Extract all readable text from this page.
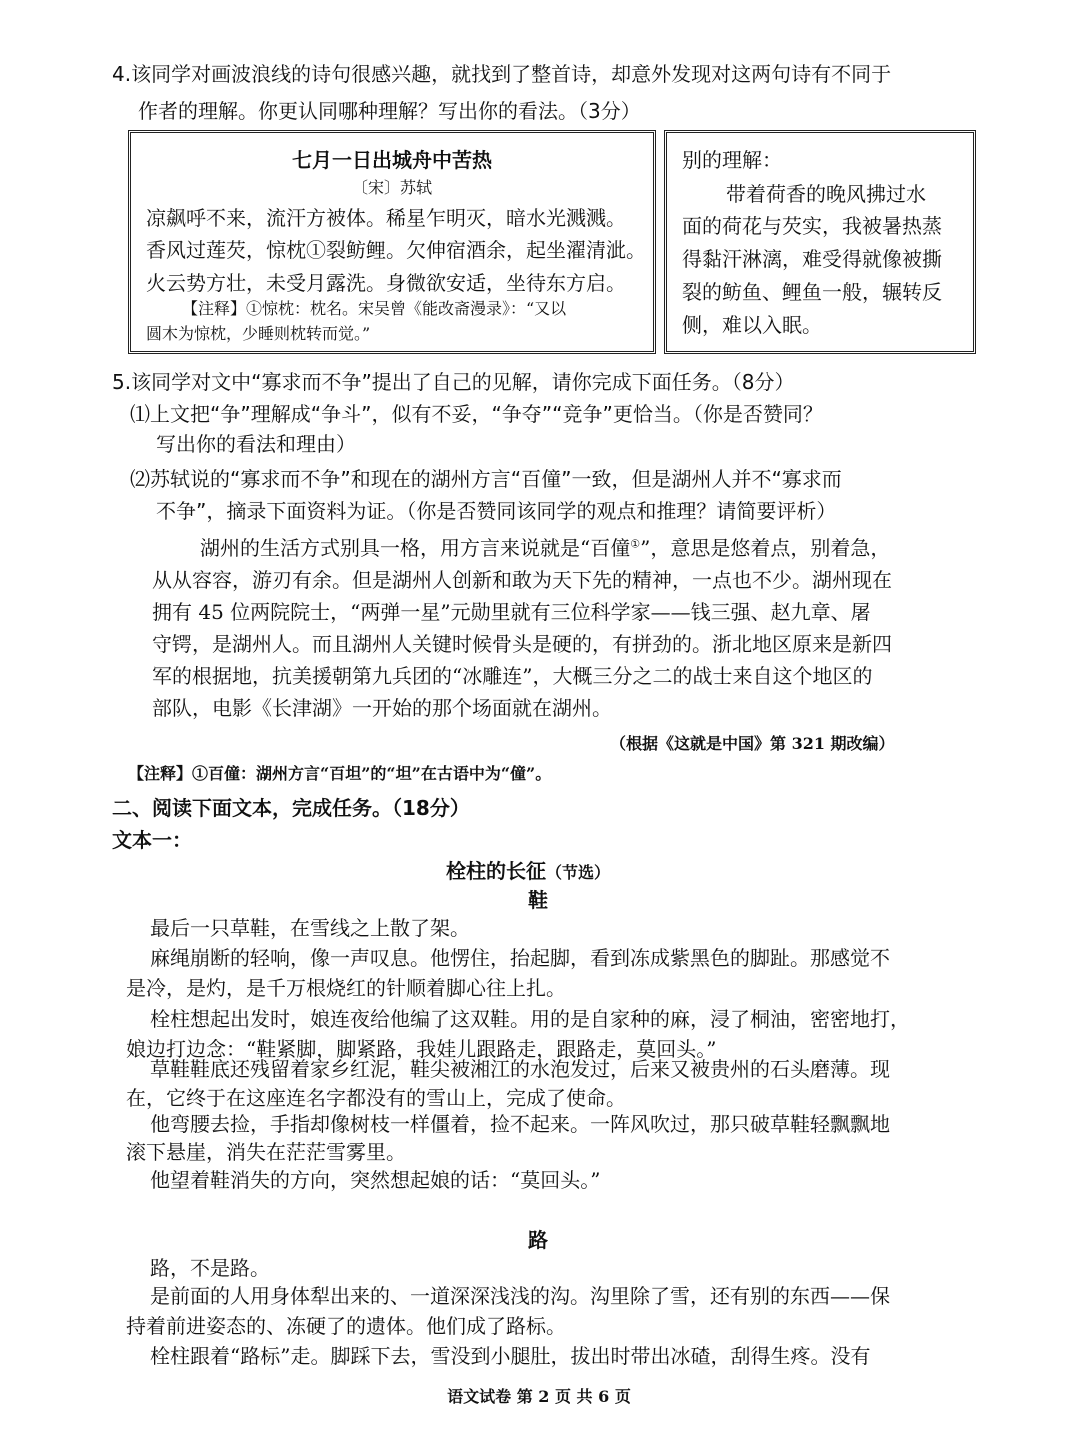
4.该同学对画波浪线的诗句很感兴趣，就找到了整首诗，却意外发现对这两句诗有不同于
作者的理解。你更认同哪种理解？写出你的看法。（3分）
七月一日出城舟中苦热
〔宋〕苏轼
凉飙呼不来，流汗方被体。稀星乍明灭，暗水光溅溅。
香风过莲芡，惊枕①裂鲂鲤。欠伸宿酒余，起坐濯清泚。
火云势方壮，未受月露洗。身微欲安适，坐待东方启。
【注释】①惊枕：枕名。宋吴曾《能改斋漫录》：“又以
圆木为惊枕，少睡则枕转而觉。”
别的理解：
带着荷香的晚风拂过水
面的荷花与芡实，我被暑热蒸
得黏汗淋漓，难受得就像被撕
裂的鲂鱼、鲤鱼一般，辗转反
侧，难以入眠。
5.该同学对文中“寡求而不争”提出了自己的见解，请你完成下面任务。（8分）
⑴上文把“争”理解成“争斗”，似有不妥，“争夺”“竞争”更恰当。（你是否赞同？
写出你的看法和理由）
⑵苏轼说的“寡求而不争”和现在的湖州方言“百僮”一致，但是湖州人并不“寡求而
不争”，摘录下面资料为证。（你是否赞同该同学的观点和推理？请简要评析）
湖州的生活方式别具一格，用方言来说就是“百僮①”，意思是悠着点，别着急，
从从容容，游刃有余。但是湖州人创新和敢为天下先的精神，一点也不少。湖州现在
拥有 45 位两院院士，“两弹一星”元勋里就有三位科学家——钱三强、赵九章、屠
守锷，是湖州人。而且湖州人关键时候骨头是硬的，有拼劲的。浙北地区原来是新四
军的根据地，抗美援朝第九兵团的“冰雕连”，大概三分之二的战士来自这个地区的
部队，电影《长津湖》一开始的那个场面就在湖州。
（根据《这就是中国》第 321 期改编）
【注释】①百僮：湖州方言“百坦”的“坦”在古语中为“僮”。
二、阅读下面文本，完成任务。（18分）
文本一：
栓柱的长征（节选）
鞋
最后一只草鞋，在雪线之上散了架。
麻绳崩断的轻响，像一声叹息。他愣住，抬起脚，看到冻成紫黑色的脚趾。那感觉不
是冷，是灼，是千万根烧红的针顺着脚心往上扎。
栓柱想起出发时，娘连夜给他编了这双鞋。用的是自家种的麻，浸了桐油，密密地打，
娘边打边念：“鞋紧脚，脚紧路，我娃儿跟路走，跟路走，莫回头。”
草鞋鞋底还残留着家乡红泥，鞋尖被湘江的水泡发过，后来又被贵州的石头磨薄。现
在，它终于在这座连名字都没有的雪山上，完成了使命。
他弯腰去捡，手指却像树枝一样僵着，捡不起来。一阵风吹过，那只破草鞋轻飘飘地
滚下悬崖，消失在茫茫雪雾里。
他望着鞋消失的方向，突然想起娘的话：“莫回头。”
路
路，不是路。
是前面的人用身体犁出来的、一道深深浅浅的沟。沟里除了雪，还有别的东西——保
持着前进姿态的、冻硬了的遗体。他们成了路标。
栓柱跟着“路标”走。脚踩下去，雪没到小腿肚，拔出时带出冰碴，刮得生疼。没有
语文试卷 第 2 页 共 6 页
